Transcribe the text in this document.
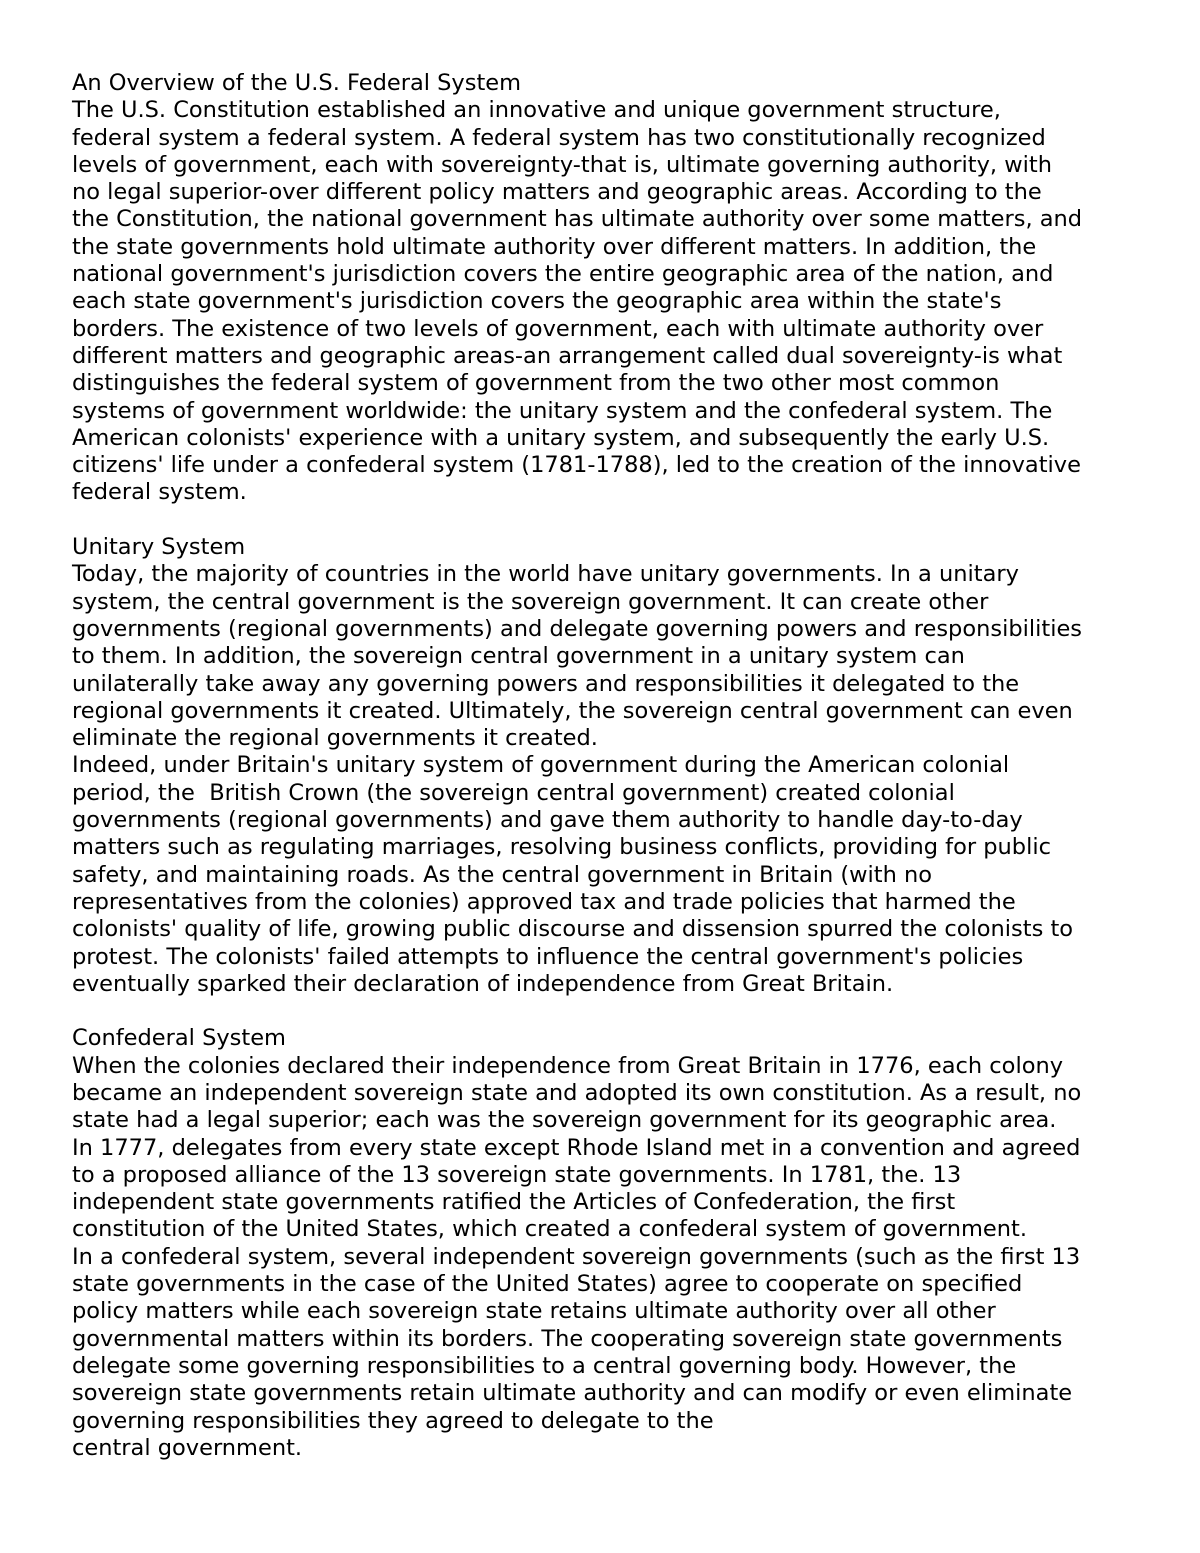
An Overview of the U.S. Federal System
The U.S. Constitution established an innovative and unique government structure,
federal system a federal system. A federal system has two constitutionally recognized
levels of government, each with sovereignty-that is, ultimate governing authority, with
no legal superior-over different policy matters and geographic areas. According to the
the Constitution, the national government has ultimate authority over some matters, and
the state governments hold ultimate authority over different matters. In addition, the
national government's jurisdiction covers the entire geographic area of the nation, and
each state government's jurisdiction covers the geographic area within the state's
borders. The existence of two levels of government, each with ultimate authority over
different matters and geographic areas-an arrangement called dual sovereignty-is what
distinguishes the federal system of government from the two other most common
systems of government worldwide: the unitary system and the confederal system. The
American colonists' experience with a unitary system, and subsequently the early U.S.
citizens' life under a confederal system (1781-1788), led to the creation of the innovative
federal system.
Unitary System
Today, the majority of countries in the world have unitary governments. In a unitary
system, the central government is the sovereign government. It can create other
governments (regional governments) and delegate governing powers and responsibilities
to them. In addition, the sovereign central government in a unitary system can
unilaterally take away any governing powers and responsibilities it delegated to the
regional governments it created. Ultimately, the sovereign central government can even
eliminate the regional governments it created.
Indeed, under Britain's unitary system of government during the American colonial
period, the  British Crown (the sovereign central government) created colonial
governments (regional governments) and gave them authority to handle day-to-day
matters such as regulating marriages, resolving business conflicts, providing for public
safety, and maintaining roads. As the central government in Britain (with no
representatives from the colonies) approved tax and trade policies that harmed the
colonists' quality of life, growing public discourse and dissension spurred the colonists to
protest. The colonists' failed attempts to influence the central government's policies
eventually sparked their declaration of independence from Great Britain.
Confederal System
When the colonies declared their independence from Great Britain in 1776, each colony
became an independent sovereign state and adopted its own constitution. As a result, no
state had a legal superior; each was the sovereign government for its geographic area.
In 1777, delegates from every state except Rhode Island met in a convention and agreed
to a proposed alliance of the 13 sovereign state governments. In 1781, the. 13
independent state governments ratified the Articles of Confederation, the first
constitution of the United States, which created a confederal system of government.
In a confederal system, several independent sovereign governments (such as the first 13
state governments in the case of the United States) agree to cooperate on specified
policy matters while each sovereign state retains ultimate authority over all other
governmental matters within its borders. The cooperating sovereign state governments
delegate some governing responsibilities to a central governing body. However, the
sovereign state governments retain ultimate authority and can modify or even eliminate
governing responsibilities they agreed to delegate to the
central government.
